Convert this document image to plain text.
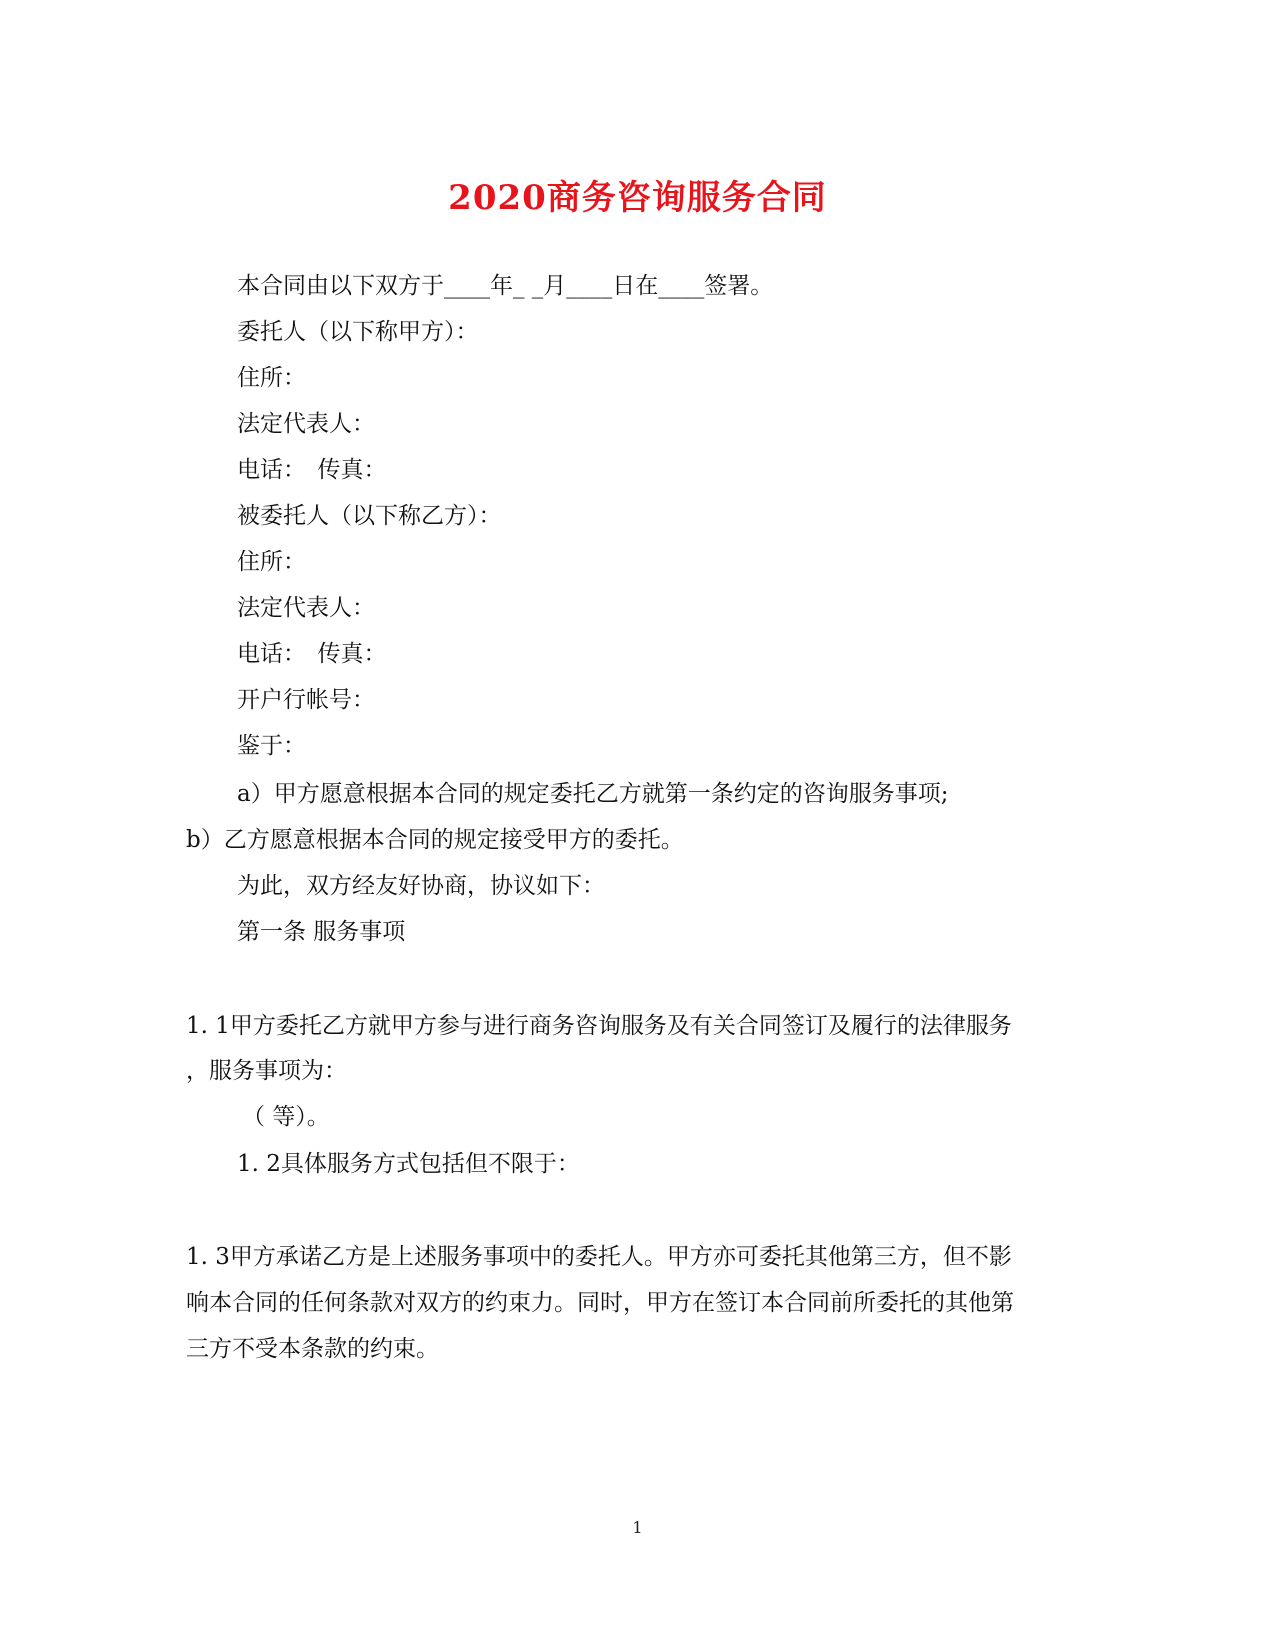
2020商务咨询服务合同
本合同由以下双方于____年_ _月____日在____签署。
委托人（以下称甲方）：
住所：
法定代表人：
电话：　传真：
被委托人（以下称乙方）：
住所：
法定代表人：
电话：　传真：
开户行帐号：
鉴于：
a）甲方愿意根据本合同的规定委托乙方就第一条约定的咨询服务事项;
b）乙方愿意根据本合同的规定接受甲方的委托。
为此，双方经友好协商，协议如下：
第一条 服务事项
1. 1甲方委托乙方就甲方参与进行商务咨询服务及有关合同签订及履行的法律服务
，服务事项为：
（ 等）。
1. 2具体服务方式包括但不限于：
1. 3甲方承诺乙方是上述服务事项中的委托人。甲方亦可委托其他第三方，但不影
响本合同的任何条款对双方的约束力。同时，甲方在签订本合同前所委托的其他第
三方不受本条款的约束。
1
